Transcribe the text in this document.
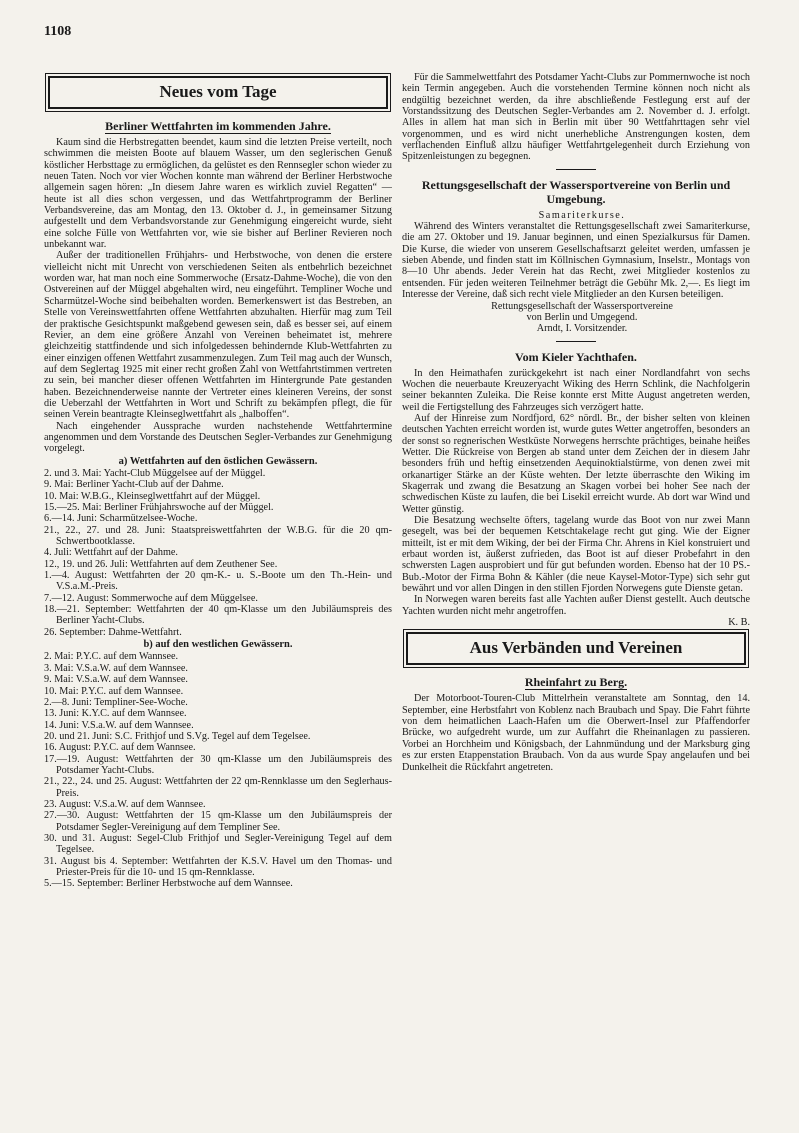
1108
Neues vom Tage
Berliner Wettfahrten im kommenden Jahre.

Kaum sind die Herbstregatten beendet, kaum sind die letzten Preise verteilt, noch schwimmen die meisten Boote auf blauem Wasser, um den seglerischen Genuß köstlicher Herbsttage zu ermöglichen, da gelüstet es den Rennsegler schon wieder zu neuen Taten. Noch vor vier Wochen konnte man während der Berliner Herbstwoche allgemein sagen hören: „In diesem Jahre waren es wirklich zuviel Regatten“ — heute ist all dies schon vergessen, und das Wettfahrtprogramm der Berliner Verbandsvereine, das am Montag, den 13. Oktober d. J., in gemeinsamer Sitzung aufgestellt und dem Verbandsvorstande zur Genehmigung eingereicht wurde, sieht eine solche Fülle von Wettfahrten vor, wie sie bisher auf Berliner Revieren noch unbekannt war.

Außer der traditionellen Frühjahrs- und Herbstwoche, von denen die erstere vielleicht nicht mit Unrecht von verschiedenen Seiten als entbehrlich bezeichnet worden war, hat man noch eine Sommerwoche (Ersatz-Dahme-Woche), die von den Ostvereinen auf der Müggel abgehalten wird, neu eingeführt. Templiner Woche und Scharmützel-Woche sind beibehalten worden. Bemerkenswert ist das Bestreben, an Stelle von Vereinswettfahrten offene Wettfahrten abzuhalten. Hierfür mag zum Teil der praktische Gesichtspunkt maßgebend gewesen sein, daß es besser sei, auf einem Revier, an dem eine größere Anzahl von Vereinen beheimatet ist, mehrere gleichzeitig stattfindende und sich infolgedessen behindernde Klub-Wettfahrten zu einer einzigen offenen Wettfahrt zusammenzulegen. Zum Teil mag auch der Wunsch, auf dem Seglertag 1925 mit einer recht großen Zahl von Wettfahrtstimmen vertreten zu sein, bei mancher dieser offenen Wettfahrten im Hintergrunde Pate gestanden haben. Bezeichnenderweise nannte der Vertreter eines kleineren Vereins, der sonst die Ueberzahl der Wettfahrten in Wort und Schrift zu bekämpfen pflegt, die für seinen Verein beantragte Kleinseglwettfahrt als „halboffen“.

Nach eingehender Aussprache wurden nachstehende Wettfahrtermine angenommen und dem Vorstande des Deutschen Segler-Verbandes zur Genehmigung vorgelegt.

a) Wettfahrten auf den östlichen Gewässern.

2. und 3. Mai: Yacht-Club Müggelsee auf der Müggel.

9. Mai: Berliner Yacht-Club auf der Dahme.

10. Mai: W.B.G., Kleinseglwettfahrt auf der Müggel.

15.—25. Mai: Berliner Frühjahrswoche auf der Müggel.

6.—14. Juni: Scharmützelsee-Woche.

21., 22., 27. und 28. Juni: Staatspreiswettfahrten der W.B.G. für die 20 qm-Schwertbootklasse.

4. Juli: Wettfahrt auf der Dahme.

12., 19. und 26. Juli: Wettfahrten auf dem Zeuthener See.

1.—4. August: Wettfahrten der 20 qm-K.- u. S.-Boote um den Th.-Hein- und V.S.a.M.-Preis.

7.—12. August: Sommerwoche auf dem Müggelsee.

18.—21. September: Wettfahrten der 40 qm-Klasse um den Jubiläumspreis des Berliner Yacht-Clubs.

26. September: Dahme-Wettfahrt.

b) auf den westlichen Gewässern.

2. Mai: P.Y.C. auf dem Wannsee.

3. Mai: V.S.a.W. auf dem Wannsee.

9. Mai: V.S.a.W. auf dem Wannsee.

10. Mai: P.Y.C. auf dem Wannsee.

2.—8. Juni: Templiner-See-Woche.

13. Juni: K.Y.C. auf dem Wannsee.

14. Juni: V.S.a.W. auf dem Wannsee.

20. und 21. Juni: S.C. Frithjof und S.Vg. Tegel auf dem Tegelsee.

16. August: P.Y.C. auf dem Wannsee.

17.—19. August: Wettfahrten der 30 qm-Klasse um den Jubiläumspreis des Potsdamer Yacht-Clubs.

21., 22., 24. und 25. August: Wettfahrten der 22 qm-Rennklasse um den Seglerhaus-Preis.

23. August: V.S.a.W. auf dem Wannsee.

27.—30. August: Wettfahrten der 15 qm-Klasse um den Jubiläumspreis der Potsdamer Segler-Vereinigung auf dem Templiner See.

30. und 31. August: Segel-Club Frithjof und Segler-Vereinigung Tegel auf dem Tegelsee.

31. August bis 4. September: Wettfahrten der K.S.V. Havel um den Thomas- und Priester-Preis für die 10- und 15 qm-Rennklasse.

5.—15. September: Berliner Herbstwoche auf dem Wannsee.

Für die Sammelwettfahrt des Potsdamer Yacht-Clubs zur Pommernwoche ist noch kein Termin angegeben. Auch die vorstehenden Termine können noch nicht als endgültig bezeichnet werden, da ihre abschließende Festlegung erst auf der Vorstandssitzung des Deutschen Segler-Verbandes am 2. November d. J. erfolgt. Alles in allem hat man sich in Berlin mit über 90 Wettfahrttagen sehr viel vorgenommen, und es wird nicht unerhebliche Anstrengungen kosten, dem verflachenden Einfluß allzu häufiger Wettfahrtgelegenheit durch Erziehung von Spitzenleistungen zu begegnen.

Rettungsgesellschaft der Wassersportvereine von Berlin und Umgebung.

Samariterkurse.

Während des Winters veranstaltet die Rettungsgesellschaft zwei Samariterkurse, die am 27. Oktober und 19. Januar beginnen, und einen Spezialkursus für Damen. Die Kurse, die wieder von unserem Gesellschaftsarzt geleitet werden, umfassen je sieben Abende, und finden statt im Köllnischen Gymnasium, Inselstr., Montags von 8—10 Uhr abends. Jeder Verein hat das Recht, zwei Mitglieder kostenlos zu entsenden. Für jeden weiteren Teilnehmer beträgt die Gebühr Mk. 2,—. Es liegt im Interesse der Vereine, daß sich recht viele Mitglieder an den Kursen beteiligen.

Rettungsgesellschaft der Wassersportvereine

von Berlin und Umgegend.

Arndt, I. Vorsitzender.

Vom Kieler Yachthafen.

In den Heimathafen zurückgekehrt ist nach einer Nordlandfahrt von sechs Wochen die neuerbaute Kreuzeryacht Wiking des Herrn Schlink, die Nachfolgerin seiner bekannten Zuleika. Die Reise konnte erst Mitte August angetreten werden, weil die Fertigstellung des Fahrzeuges sich verzögert hatte.

Auf der Hinreise zum Nordfjord, 62° nördl. Br., der bisher selten von kleinen deutschen Yachten erreicht worden ist, wurde gutes Wetter angetroffen, besonders an der sonst so regnerischen Westküste Norwegens herrschte prächtiges, beinahe heißes Wetter. Die Rückreise von Bergen ab stand unter dem Zeichen der in diesem Jahr besonders früh und heftig einsetzenden Aequinoktialstürme, von denen zwei mit orkanartiger Stärke an der Küste wehten. Der letzte überraschte den Wiking im Skagerrak und zwang die Besatzung an Skagen vorbei bei hoher See nach der schwedischen Küste zu laufen, die bei Lisekil erreicht wurde. Ab dort war Wind und Wetter günstig.

Die Besatzung wechselte öfters, tagelang wurde das Boot von nur zwei Mann gesegelt, was bei der bequemen Ketschtakelage recht gut ging. Wie der Eigner mitteilt, ist er mit dem Wiking, der bei der Firma Chr. Ahrens in Kiel konstruiert und erbaut worden ist, äußerst zufrieden, das Boot ist auf dieser Probefahrt in den schwersten Lagen ausprobiert und für gut befunden worden. Ebenso hat der 10 PS.-Bub.-Motor der Firma Bohn & Kähler (die neue Kaysel-Motor-Type) sich sehr gut bewährt und vor allen Dingen in den stillen Fjorden Norwegens gute Dienste getan.

In Norwegen waren bereits fast alle Yachten außer Dienst gestellt. Auch deutsche Yachten wurden nicht mehr angetroffen.

K. B.

Aus Verbänden und Vereinen
Rheinfahrt zu Berg.

Der Motorboot-Touren-Club Mittelrhein veranstaltete am Sonntag, den 14. September, eine Herbstfahrt von Koblenz nach Braubach und Spay. Die Fahrt führte von dem heimatlichen Laach-Hafen um die Oberwert-Insel zur Pfaffendorfer Brücke, wo aufgedreht wurde, um zur Auffahrt die Rheinanlagen zu passieren. Vorbei an Horchheim und Königsbach, der Lahnmündung und der Marksburg ging es zur ersten Etappenstation Braubach. Von da aus wurde Spay angelaufen und bei Dunkelheit die Rückfahrt angetreten.
